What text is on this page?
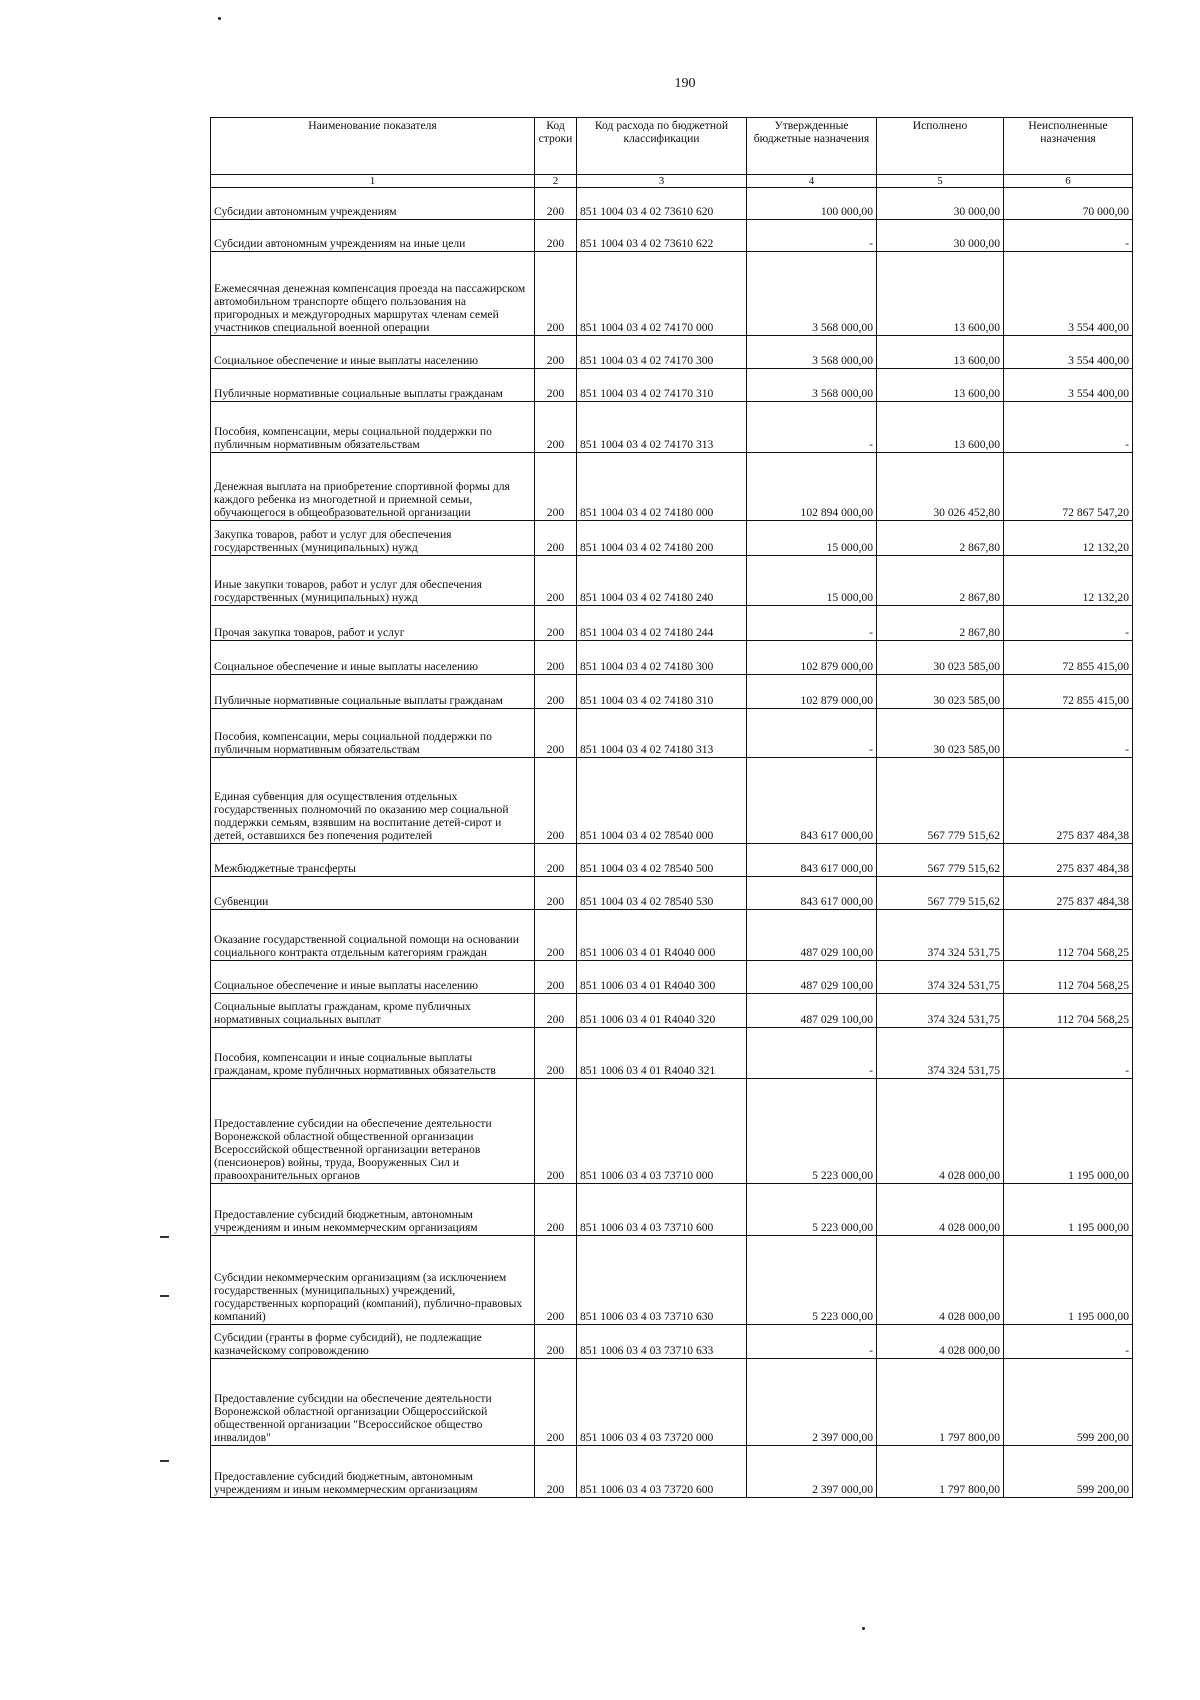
190
Наименование показателя	Код строки	Код расхода по бюджетной классификации	Утвержденные бюджетные назначения	Исполнено	Неисполненные назначения
1	2	3	4	5	6
Субсидии автономным учреждениям	200	851 1004 03 4 02 73610 620	100 000,00	30 000,00	70 000,00
Субсидии автономным учреждениям на иные цели	200	851 1004 03 4 02 73610 622	-	30 000,00	-
Ежемесячная денежная компенсация проезда на пассажирском автомобильном транспорте общего пользования на пригородных и междугородных маршрутах членам семей участников специальной военной операции	200	851 1004 03 4 02 74170 000	3 568 000,00	13 600,00	3 554 400,00
Социальное обеспечение и иные выплаты населению	200	851 1004 03 4 02 74170 300	3 568 000,00	13 600,00	3 554 400,00
Публичные нормативные социальные выплаты гражданам	200	851 1004 03 4 02 74170 310	3 568 000,00	13 600,00	3 554 400,00
Пособия, компенсации, меры социальной поддержки по публичным нормативным обязательствам	200	851 1004 03 4 02 74170 313	-	13 600,00	-
Денежная выплата на приобретение спортивной формы для каждого ребенка из многодетной и приемной семьи, обучающегося в общеобразовательной организации	200	851 1004 03 4 02 74180 000	102 894 000,00	30 026 452,80	72 867 547,20
Закупка товаров, работ и услуг для обеспечения государственных (муниципальных) нужд	200	851 1004 03 4 02 74180 200	15 000,00	2 867,80	12 132,20
Иные закупки товаров, работ и услуг для обеспечения государственных (муниципальных) нужд	200	851 1004 03 4 02 74180 240	15 000,00	2 867,80	12 132,20
Прочая закупка товаров, работ и услуг	200	851 1004 03 4 02 74180 244	-	2 867,80	-
Социальное обеспечение и иные выплаты населению	200	851 1004 03 4 02 74180 300	102 879 000,00	30 023 585,00	72 855 415,00
Публичные нормативные социальные выплаты гражданам	200	851 1004 03 4 02 74180 310	102 879 000,00	30 023 585,00	72 855 415,00
Пособия, компенсации, меры социальной поддержки по публичным нормативным обязательствам	200	851 1004 03 4 02 74180 313	-	30 023 585,00	-
Единая субвенция для осуществления отдельных государственных полномочий по оказанию мер социальной поддержки семьям, взявшим на воспитание детей-сирот и детей, оставшихся без попечения родителей	200	851 1004 03 4 02 78540 000	843 617 000,00	567 779 515,62	275 837 484,38
Межбюджетные трансферты	200	851 1004 03 4 02 78540 500	843 617 000,00	567 779 515,62	275 837 484,38
Субвенции	200	851 1004 03 4 02 78540 530	843 617 000,00	567 779 515,62	275 837 484,38
Оказание государственной социальной помощи на основании социального контракта отдельным категориям граждан	200	851 1006 03 4 01 R4040 000	487 029 100,00	374 324 531,75	112 704 568,25
Социальное обеспечение и иные выплаты населению	200	851 1006 03 4 01 R4040 300	487 029 100,00	374 324 531,75	112 704 568,25
Социальные выплаты гражданам, кроме публичных нормативных социальных выплат	200	851 1006 03 4 01 R4040 320	487 029 100,00	374 324 531,75	112 704 568,25
Пособия, компенсации и иные социальные выплаты гражданам, кроме публичных нормативных обязательств	200	851 1006 03 4 01 R4040 321	-	374 324 531,75	-
Предоставление субсидии на обеспечение деятельности Воронежской областной общественной организации Всероссийской общественной организации ветеранов (пенсионеров) войны, труда, Вооруженных Сил и правоохранительных органов	200	851 1006 03 4 03 73710 000	5 223 000,00	4 028 000,00	1 195 000,00
Предоставление субсидий бюджетным, автономным учреждениям и иным некоммерческим организациям	200	851 1006 03 4 03 73710 600	5 223 000,00	4 028 000,00	1 195 000,00
Субсидии некоммерческим организациям (за исключением государственных (муниципальных) учреждений, государственных корпораций (компаний), публично-правовых компаний)	200	851 1006 03 4 03 73710 630	5 223 000,00	4 028 000,00	1 195 000,00
Субсидии (гранты в форме субсидий), не подлежащие казначейскому сопровождению	200	851 1006 03 4 03 73710 633	-	4 028 000,00	-
Предоставление субсидии на обеспечение деятельности Воронежской областной организации Общероссийской общественной организации "Всероссийское общество инвалидов"	200	851 1006 03 4 03 73720 000	2 397 000,00	1 797 800,00	599 200,00
Предоставление субсидий бюджетным, автономным учреждениям и иным некоммерческим организациям	200	851 1006 03 4 03 73720 600	2 397 000,00	1 797 800,00	599 200,00
